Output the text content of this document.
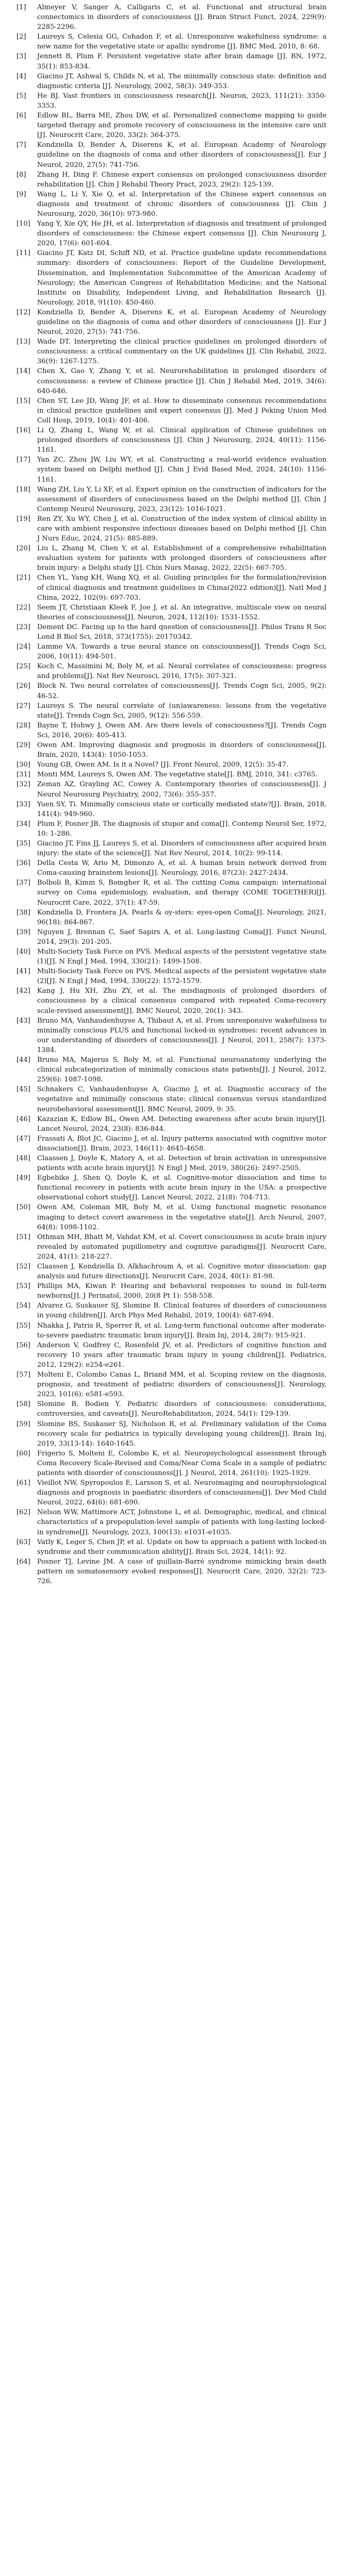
[1]	Almeyer V, Sanger A, Calligaris C, et al. Functional and structural brain connectomics in disorders of consciousness [J]. Brain Struct Funct, 2024, 229(9): 2285-2296.
[2]	Laureys S, Celesia GG, Cohadon F, et al. Unresponsive wakefulness syndrome: a new name for the vegetative state or apallic syndrome [J]. BMC Med, 2010, 8: 68.
[3]	Jennett B, Plum F. Persistent vegetative state after brain damage [J]. BN, 1972, 35(1): 853-834.
[4]	Giacino JT, Ashwal S, Childs N, et al. The minimally conscious state: definition and diagnostic criteria [J]. Neurology, 2002, 58(3): 349-353.
[5]	He BJ. Vast frontiers in consciousness research[J]. Neuron, 2023, 111(21): 3350-3353.
[6]	Edlow BL, Barra ME, Zhou DW, et al. Personalized connectome mapping to guide targeted therapy and promote recovery of consciousness in the intensive care unit [J]. Neurocrit Care, 2020, 33(2): 364-375.
[7]	Kondziella D, Bender A, Diserens K, et al. European Academy of Neurology guideline on the diagnosis of coma and other disorders of consciousness[J]. Eur J Neurol, 2020, 27(5): 741-756.
[8]	Zhang H, Ding F. Chinese expert consensus on prolonged consciousness disorder rehabilitation [J]. Chin J Rehabil Theory Pract, 2023, 29(2): 125-139.
[9]	Wang L, Li Y, Xie Q, et al. Interpretation of the Chinese expert consensus on diagnosis and treatment of chronic disorders of consciousness [J]. Chin J Neurosurg, 2020, 36(10): 973-980.
[10] Yang Y, Xie QY, He JH, et al. Interpretation of diagnosis and treatment of prolonged disorders of consciousness: the Chinese expert consensus [J]. Chin Neurosurg J, 2020, 17(6): 601-604.
[11] Giacino JT, Katz DI, Schiff ND, et al. Practice guideline update recommendations summary: disorders of consciousness: Report of the Guideline Development, Dissemination, and Implementation Subcommittee of the American Academy of Neurology; the American Congress of Rehabilitation Medicine; and the National Institute on Disability, Independent Living, and Rehabilitation Research [J]. Neurology, 2018, 91(10): 450-460.
[12] Kondziella D, Bender A, Diserens K, et al. European Academy of Neurology guideline on the diagnosis of coma and other disorders of consciousness [J]. Eur J Neurol, 2020, 27(5): 741-756.
[13] Wade DT. Interpreting the clinical practice guidelines on prolonged disorders of consciousness: a critical commentary on the UK guidelines [J]. Clin Rehabil, 2022, 36(9): 1267-1275.
[14] Chen X, Gao Y, Zhang Y, et al. Neurorehabilitation in prolonged disorders of consciousness: a review of Chinese practice [J]. Chin J Rehabil Med, 2019, 34(6): 640-646.
[15] Chen ST, Lee JD, Wang JF, et al. How to disseminate consensus recommendations in clinical practice guidelines and expert consensus [J]. Med J Peking Union Med Coll Hosp, 2019, 10(4): 401-406.
[16] Li Q, Zhang L, Wang W, et al. Clinical application of Chinese guidelines on prolonged disorders of consciousness [J]. Chin J Neurosurg, 2024, 40(11): 1156-1161.
[17] Yan ZC, Zhou JW, Liu WY, et al. Constructing a real-world evidence evaluation system based on Delphi method [J]. Chin J Evid Based Med, 2024, 24(10): 1156-1161.
[18] Wang ZH, Liu Y, Li XF, et al. Expert opinion on the construction of indicators for the assessment of disorders of consciousness based on the Delphi method [J]. Chin J Contemp Neurol Neurosurg, 2023, 23(12): 1016-1021.
[19] Ren ZY, Xu WY, Chen J, et al. Construction of the index system of clinical ability in care with ambient responsive infectious diseases based on Delphi method [J]. Chin J Nurs Educ, 2024, 21(5): 885-889.
[20] Liu L, Zhang M, Chen Y, et al. Establishment of a comprehensive rehabilitation evaluation system for patients with prolonged disorders of consciousness after brain injury: a Delphi study [J]. Chin Nurs Manag, 2022, 22(5): 667-705.
[21] Chen YL, Yang KH, Wang XQ, et al. Guiding principles for the formulation/revision of clinical diagnosis and treatment guidelines in China(2022 edition)[J]. Natl Med J China, 2022, 102(9): 697-703.
[22] Seem JT, Christiaan Kleek F, Joe J, et al. An integrative, multiscale view on neural theories of consciousness[J]. Neuron, 2024, 112(10): 1531-1552.
[23] Dement DC. Facing up to the hard question of consciousness[J]. Philos Trans R Soc Lond B Biol Sci, 2018, 373(1755): 20170342.
[24] Lamme VA. Towards a true neural stance on consciousness[J]. Trends Cogn Sci, 2006, 10(11): 494-501.
[25] Koch C, Massimini M, Boly M, et al. Neural correlates of consciousness: progress and problems[J]. Nat Rev Neurosci, 2016, 17(5): 307-321.
[26] Block N. Two neural correlates of consciousness[J]. Trends Cogn Sci, 2005, 9(2): 46-52.
[27] Laureys S. The neural correlate of (un)awareness: lessons from the vegetative state[J]. Trends Cogn Sci, 2005, 9(12): 556-559.
[28] Bayne T, Hohwy J, Owen AM. Are there levels of consciousness?[J]. Trends Cogn Sci, 2016, 20(6): 405-413.
[29] Owen AM. Improving diagnosis and prognosis in disorders of consciousness[J]. Brain, 2020, 143(4): 1050-1053.
[30] Young GB, Owen AM. Is it a Novel? [J]. Front Neurol, 2009, 12(5): 35-47.
[31] Monti MM, Laureys S, Owen AM. The vegetative state[J]. BMJ, 2010, 341: c3765.
[32] Zeman AZ, Grayling AC, Cowey A. Contemporary theories of consciousness[J]. J Neurol Neurosurg Psychiatry, 2002, 73(6): 355-357.
[33] Yuen SY, Ti. Minimally conscious state or cortically mediated state?[J]. Brain, 2018, 141(4): 949-960.
[34] Plum F, Posner JB. The diagnosis of stupor and coma[J]. Contemp Neurol Ser, 1972, 10: 1-286.
[35] Giacino JT, Fins JJ, Laureys S, et al. Disorders of consciousness after acquired brain injury: the state of the science[J]. Nat Rev Neurol, 2014, 10(2): 99-114.
[36] Della Cesta W, Ario M, Dimonzo A, et al. A human brain network derived from Coma-causing brainstem lesions[J]. Neurology, 2016, 87(23): 2427-2434.
[37] Bolboli B, Kimm S, Bomgher R, et al. The cutting Coma campaign: international survey on Coma epidemiology, evaluation, and therapy (COME TOGETHER)[J]. Neurocrit Care, 2022, 37(1): 47-59.
[38] Kondziella D, Frontera JA. Pearls & oy-sters: eyes-open Coma[J]. Neurology, 2021, 96(18): 864-867.
[39] Nguyen J, Brennan C, Saef Sapirs A, et al. Long-lasting Coma[J]. Funct Neurol, 2014, 29(3): 201-205.
[40] Multi-Society Task Force on PVS. Medical aspects of the persistent vegetative state (1)[J]. N Engl J Med, 1994, 330(21): 1499-1508.
[41] Multi-Society Task Force on PVS. Medical aspects of the persistent vegetative state (2)[J]. N Engl J Med, 1994, 330(22): 1572-1579.
[42] Kang J, Hu XH, Zhu ZY, et al. The misdiagnosis of prolonged disorders of consciousness by a clinical consensus compared with repeated Coma-recovery scale-revised assessment[J]. BMC Neurol, 2020, 20(1): 343.
[43] Bruno MA, Vanhaudenhuyse A, Thibaut A, et al. From unresponsive wakefulness to minimally conscious PLUS and functional locked-in syndromes: recent advances in our understanding of disorders of consciousness[J]. J Neurol, 2011, 258(7): 1373-1384.
[44] Bruno MA, Majerus S, Boly M, et al. Functional neuroanatomy underlying the clinical subcategorization of minimally conscious state patients[J]. J Neurol, 2012, 259(6): 1087-1098.
[45] Schnakers C, Vanhaudenhuyse A, Giacino J, et al. Diagnostic accuracy of the vegetative and minimally conscious state: clinical consensus versus standardized neurobehavioral assessment[J]. BMC Neurol, 2009, 9: 35.
[46] Kazazian K, Edlow BL, Owen AM. Detecting awareness after acute brain injury[J]. Lancet Neurol, 2024, 23(8): 836-844.
[47] Frassati A, Blot JC, Giacino J, et al. Injury patterns associated with cognitive motor dissociation[J]. Brain, 2023, 146(11): 4645-4658.
[48] Claassen J, Doyle K, Matory A, et al. Detection of brain activation in unresponsive patients with acute brain injury[J]. N Engl J Med, 2019, 380(26): 2497-2505.
[49] Egbebike J, Shen Q, Doyle K, et al. Cognitive-motor dissociation and time to functional recovery in patients with acute brain injury in the USA: a prospective observational cohort study[J]. Lancet Neurol, 2022, 21(8): 704-713.
[50] Owen AM, Coleman MR, Boly M, et al. Using functional magnetic resonance imaging to detect covert awareness in the vegetative state[J]. Arch Neurol, 2007, 64(8): 1098-1102.
[51] Othman MH, Bhatt M, Vahdat KM, et al. Covert consciousness in acute brain injury revealed by automated pupillometry and cognitive paradigms[J]. Neurocrit Care, 2024, 41(1): 218-227.
[52] Claassen J, Kondziella D, Alkhachroum A, et al. Cognitive motor dissociation: gap analysis and future directions[J]. Neurocrit Care, 2024, 40(1): 81-98.
[53] Phillips MA, Kiwan P. Hearing and behavioral responses to sound in full-term newborns[J]. J Perinatol, 2000, 20(8 Pt 1): 558-558.
[54] Alvarez G, Suskauer SJ, Slomine B. Clinical features of disorders of consciousness in young children[J]. Arch Phys Med Rehabil, 2019, 100(4): 687-694.
[55] Nhakka J, Patris R, Sperrer R, et al. Long-term functional outcome after moderate-to-severe paediatric traumatic brain injury[J]. Brain Inj, 2014, 28(7): 915-921.
[56] Anderson V, Godfrey C, Rosenfeld JV, et al. Predictors of cognitive function and recovery 10 years after traumatic brain injury in young children[J]. Pediatrics, 2012, 129(2): e254-e261.
[57] Molteni E, Colombo Canas L, Briand MM, et al. Scoping review on the diagnosis, prognosis, and treatment of pediatric disorders of consciousness[J]. Neurology, 2023, 101(6): e581-e593.
[58] Slomine B, Bodien Y. Pediatric disorders of consciousness: considerations, controversies, and caveats[J]. NeuroRehabilitation, 2024, 54(1): 129-139.
[59] Slomine BS, Suskauer SJ, Nicholson R, et al. Preliminary validation of the Coma recovery scale for pediatrics in typically developing young children[J]. Brain Inj, 2019, 33(13-14): 1640-1645.
[60] Frigerio S, Molteni E, Colombo K, et al. Neuropsychological assessment through Coma Recovery Scale-Revised and Coma/Near Coma Scale in a sample of pediatric patients with disorder of consciousness[J]. J Neurol, 2014, 261(10): 1925-1929.
[61] Vieillot NW, Spyropoulos E, Larsson S, et al. Neuroimaging and neurophysiological diagnosis and prognosis in paediatric disorders of consciousness[J]. Dev Med Child Neurol, 2022, 64(6): 681-690.
[62] Nelson WW, Mattimore ACT, Johnstone L, et al. Demographic, medical, and clinical characteristics of a prepopulation-level sample of patients with long-lasting locked-in syndrome[J]. Neurology, 2023, 100(13): e1031-e1035.
[63] Vatly K, Leger S, Chen JP, et al. Update on how to approach a patient with locked-in syndrome and their communication ability[J]. Brain Sci, 2024, 14(1): 92.
[64] Posner TJ, Levine JM. A case of guillain-Barré syndrome mimicking brain death pattern on somatosensory evoked responses[J]. Neurocrit Care, 2020, 32(2): 723-726.
